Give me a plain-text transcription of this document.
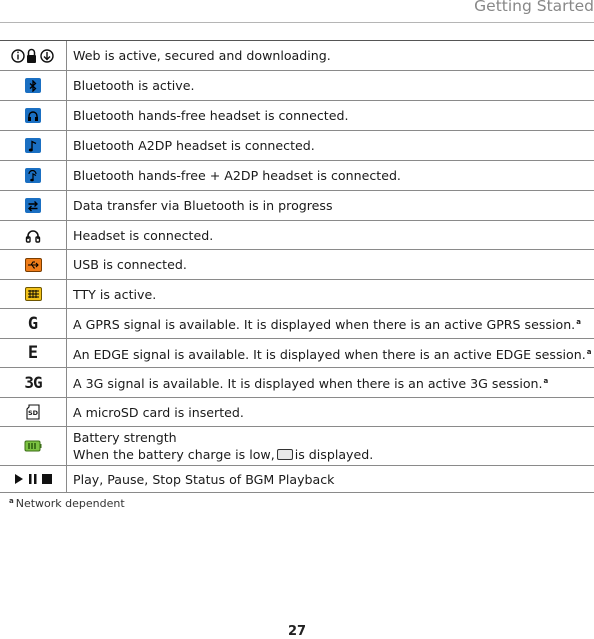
Getting Started
Web is active, secured and downloading.
Bluetooth is active.
Bluetooth hands-free headset is connected.
Bluetooth A2DP headset is connected.
Bluetooth hands-free + A2DP headset is connected.
Data transfer via Bluetooth is in progress
Headset is connected.
USB is connected.
TTY is active.
G	A GPRS signal is available. It is displayed when there is an active GPRS session.$^a$
E	An EDGE signal is available. It is displayed when there is an active EDGE session.$^a$
3G A 3G signal is available. It is displayed when there is an active 3G session.$^a$
SD	A microSD card is inserted.
Battery strength
When the battery charge is low, is displayed.
Play, Pause, Stop Status of BGM Playback
$^a$ Network dependent
27
